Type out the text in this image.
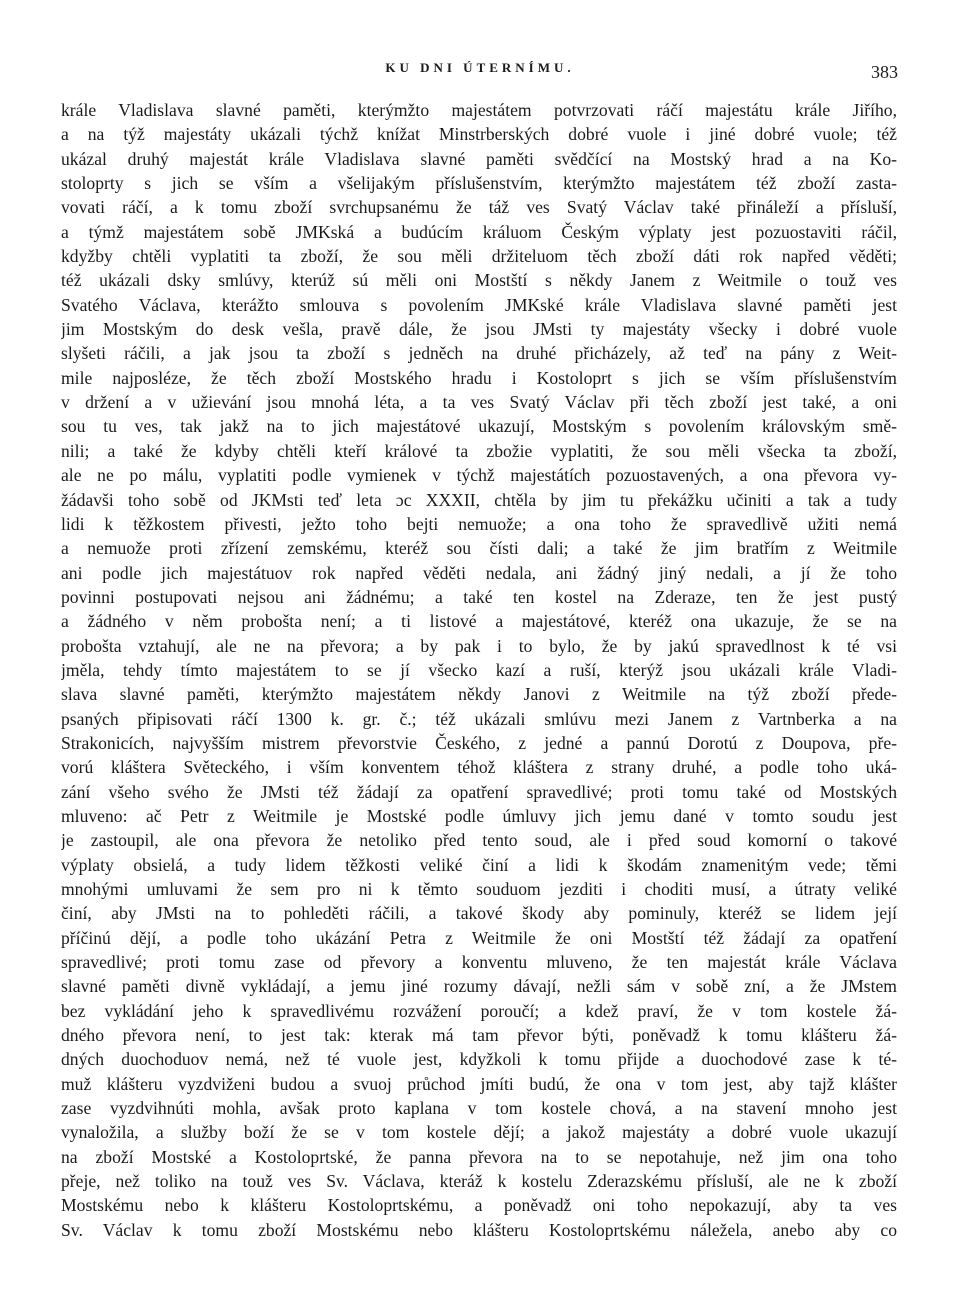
KU DNI ÚTERNÍMU.	383
krále Vladislava slavné paměti, kterýmžto majestátem potvrzovati ráčí majestátu krále Jiřího,
a na týž majestáty ukázali týchž knížat Minstrberských dobré vuole i jiné dobré vuole; též
ukázal druhý majestát krále Vladislava slavné paměti svědčící na Mostský hrad a na Ko-
stoloprty s jich se vším a všelijakým příslušenstvím, kterýmžto majestátem též zboží zasta-
vovati ráčí, a k tomu zboží svrchupsanému že táž ves Svatý Václav také přináleží a přísluší,
a týmž majestátem sobě JMKská a budúcím králuom Českým výplaty jest pozuostaviti ráčil,
kdyžby chtěli vyplatiti ta zboží, že sou měli držiteluom těch zboží dáti rok napřed věděti;
též ukázali dsky smlúvy, kterúž sú měli oni Mostští s někdy Janem z Weitmile o touž ves
Svatého Václava, kterážto smlouva s povolením JMKské krále Vladislava slavné paměti jest
jim Mostským do desk vešla, pravě dále, že jsou JMsti ty majestáty všecky i dobré vuole
slyšeti ráčili, a jak jsou ta zboží s jedněch na druhé přicházely, až teď na pány z Weit-
mile najposléze, že těch zboží Mostského hradu i Kostoloprt s jich se vším příslušenstvím
v držení a v užievání jsou mnohá léta, a ta ves Svatý Václav při těch zboží jest také, a oni
sou tu ves, tak jakž na to jich majestátové ukazují, Mostským s povolením královským smě-
nili; a také že kdyby chtěli kteří králové ta zbožie vyplatiti, že sou měli všecka ta zboží,
ale ne po málu, vyplatiti podle vymienek v týchž majestátích pozuostavených, a ona převora vy-
žádavši toho sobě od JKMsti teď leta ɔc XXXII, chtěla by jim tu překážku učiniti a tak a tudy
lidi k těžkostem přivesti, ježto toho bejti nemuože; a ona toho že spravedlivě užiti nemá
a nemuože proti zřízení zemskému, kteréž sou čísti dali; a také že jim bratřím z Weitmile
ani podle jich majestátuov rok napřed věděti nedala, ani žádný jiný nedali, a jí že toho
povinni postupovati nejsou ani žádnému; a také ten kostel na Zderaze, ten že jest pustý
a žádného v něm probošta není; a ti listové a majestátové, kteréž ona ukazuje, že se na
probošta vztahují, ale ne na převora; a by pak i to bylo, že by jakú spravedlnost k té vsi
jměla, tehdy tímto majestátem to se jí všecko kazí a ruší, kterýž jsou ukázali krále Vladi-
slava slavné paměti, kterýmžto majestátem někdy Janovi z Weitmile na týž zboží přede-
psaných připisovati ráčí 1300 k. gr. č.; též ukázali smlúvu mezi Janem z Vartnberka a na
Strakonicích, najvyšším mistrem převorstvie Českého, z jedné a pannú Dorotú z Doupova, pře-
vorú kláštera Světeckého, i vším konventem téhož kláštera z strany druhé, a podle toho uká-
zání všeho svého že JMsti též žádají za opatření spravedlivé; proti tomu také od Mostských
mluveno: ač Petr z Weitmile je Mostské podle úmluvy jich jemu dané v tomto soudu jest
je zastoupil, ale ona převora že netoliko před tento soud, ale i před soud komorní o takové
výplaty obsielá, a tudy lidem těžkosti veliké činí a lidi k škodám znamenitým vede; těmi
mnohými umluvami že sem pro ni k těmto souduom jezditi i choditi musí, a útraty veliké
činí, aby JMsti na to pohleděti ráčili, a takové škody aby pominuly, kteréž se lidem její
příčinú dějí, a podle toho ukázání Petra z Weitmile že oni Mostští též žádají za opatření
spravedlivé; proti tomu zase od převory a konventu mluveno, že ten majestát krále Václava
slavné paměti divně vykládají, a jemu jiné rozumy dávají, nežli sám v sobě zní, a že JMstem
bez vykládání jeho k spravedlivému rozvážení poroučí; a kdež praví, že v tom kostele žá-
dného převora není, to jest tak: kterak má tam převor býti, poněvadž k tomu klášteru žá-
dných duochoduov nemá, než té vuole jest, kdyžkoli k tomu přijde a duochodové zase k té-
muž klášteru vyzdviženi budou a svuoj průchod jmíti budú, že ona v tom jest, aby tajž klášter
zase vyzdvihnúti mohla, avšak proto kaplana v tom kostele chová, a na stavení mnoho jest
vynaložila, a služby boží že se v tom kostele dějí; a jakož majestáty a dobré vuole ukazují
na zboží Mostské a Kostoloprtské, že panna převora na to se nepotahuje, než jim ona toho
přeje, než toliko na touž ves Sv. Václava, kteráž k kostelu Zderazskému přísluší, ale ne k zboží
Mostskému nebo k klášteru Kostoloprtskému, a poněvadž oni toho nepokazují, aby ta ves
Sv. Václav k tomu zboží Mostskému nebo klášteru Kostoloprtskému náležela, anebo aby co
